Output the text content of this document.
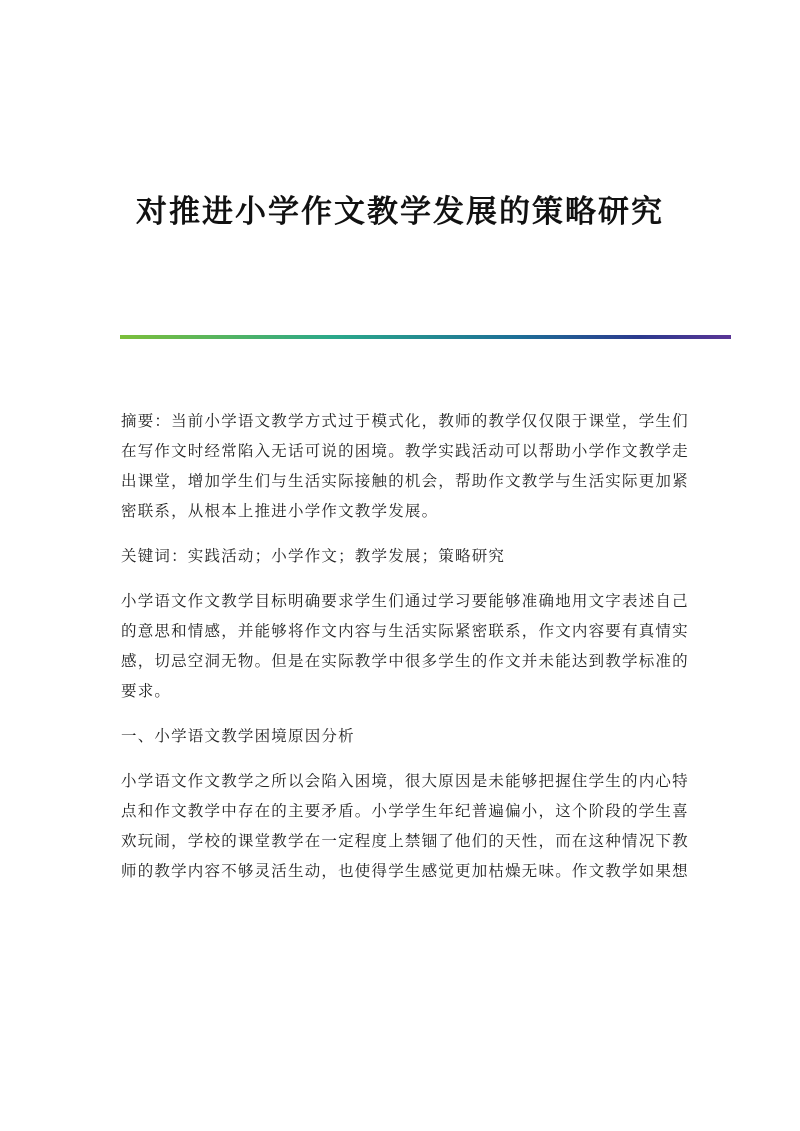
对推进小学作文教学发展的策略研究
摘要：当前小学语文教学方式过于模式化，教师的教学仅仅限于课堂，学生们
在写作文时经常陷入无话可说的困境。教学实践活动可以帮助小学作文教学走
出课堂，增加学生们与生活实际接触的机会，帮助作文教学与生活实际更加紧
密联系，从根本上推进小学作文教学发展。
关键词：实践活动；小学作文；教学发展；策略研究
小学语文作文教学目标明确要求学生们通过学习要能够准确地用文字表述自己
的意思和情感，并能够将作文内容与生活实际紧密联系，作文内容要有真情实
感，切忌空洞无物。但是在实际教学中很多学生的作文并未能达到教学标准的
要求。
一、小学语文教学困境原因分析
小学语文作文教学之所以会陷入困境，很大原因是未能够把握住学生的内心特
点和作文教学中存在的主要矛盾。小学学生年纪普遍偏小，这个阶段的学生喜
欢玩闹，学校的课堂教学在一定程度上禁锢了他们的天性，而在这种情况下教
师的教学内容不够灵活生动，也使得学生感觉更加枯燥无味。作文教学如果想
